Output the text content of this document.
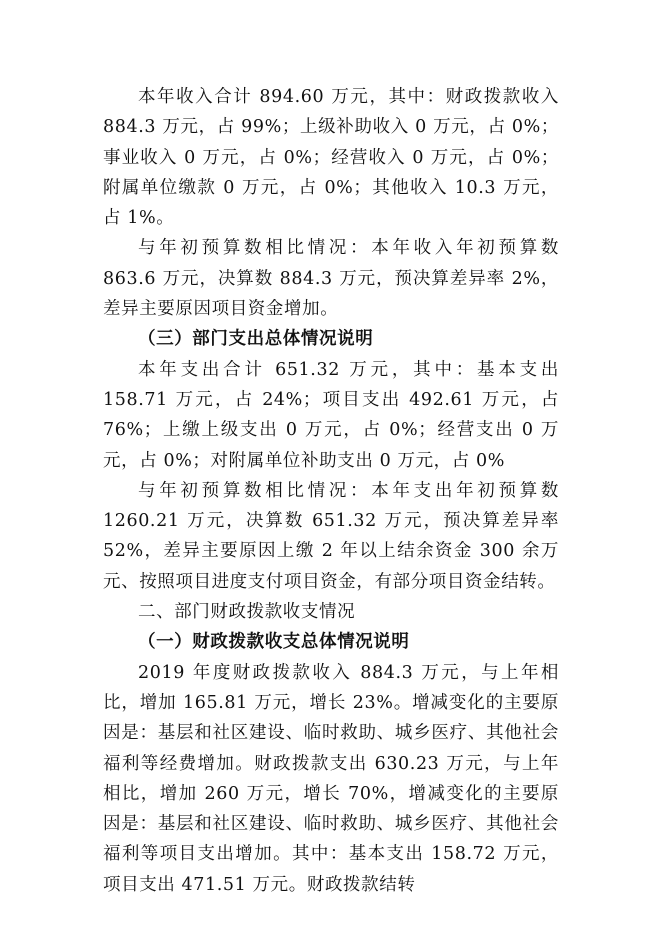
本年收入合计 894.60 万元，其中：财政拨款收入 884.3 万元，占 99%；上级补助收入 0 万元，占 0%；事业收入 0 万元，占 0%；经营收入 0 万元，占 0%；附属单位缴款 0 万元，占 0%；其他收入 10.3 万元，占 1%。

与年初预算数相比情况：本年收入年初预算数 863.6 万元，决算数 884.3 万元，预决算差异率 2%，差异主要原因项目资金增加。

（三）部门支出总体情况说明

本年支出合计 651.32 万元，其中：基本支出 158.71 万元，占 24%；项目支出 492.61 万元，占 76%；上缴上级支出 0 万元，占 0%；经营支出 0 万元，占 0%；对附属单位补助支出 0 万元，占 0%

与年初预算数相比情况：本年支出年初预算数 1260.21 万元，决算数 651.32 万元，预决算差异率 52%，差异主要原因上缴 2 年以上结余资金 300 余万元、按照项目进度支付项目资金，有部分项目资金结转。

二、部门财政拨款收支情况

（一）财政拨款收支总体情况说明

2019 年度财政拨款收入 884.3 万元，与上年相比，增加 165.81 万元，增长 23%。增减变化的主要原因是：基层和社区建设、临时救助、城乡医疗、其他社会福利等经费增加。财政拨款支出 630.23 万元，与上年相比，增加 260 万元，增长 70%，增减变化的主要原因是：基层和社区建设、临时救助、城乡医疗、其他社会福利等项目支出增加。其中：基本支出 158.72 万元，项目支出 471.51 万元。财政拨款结转
